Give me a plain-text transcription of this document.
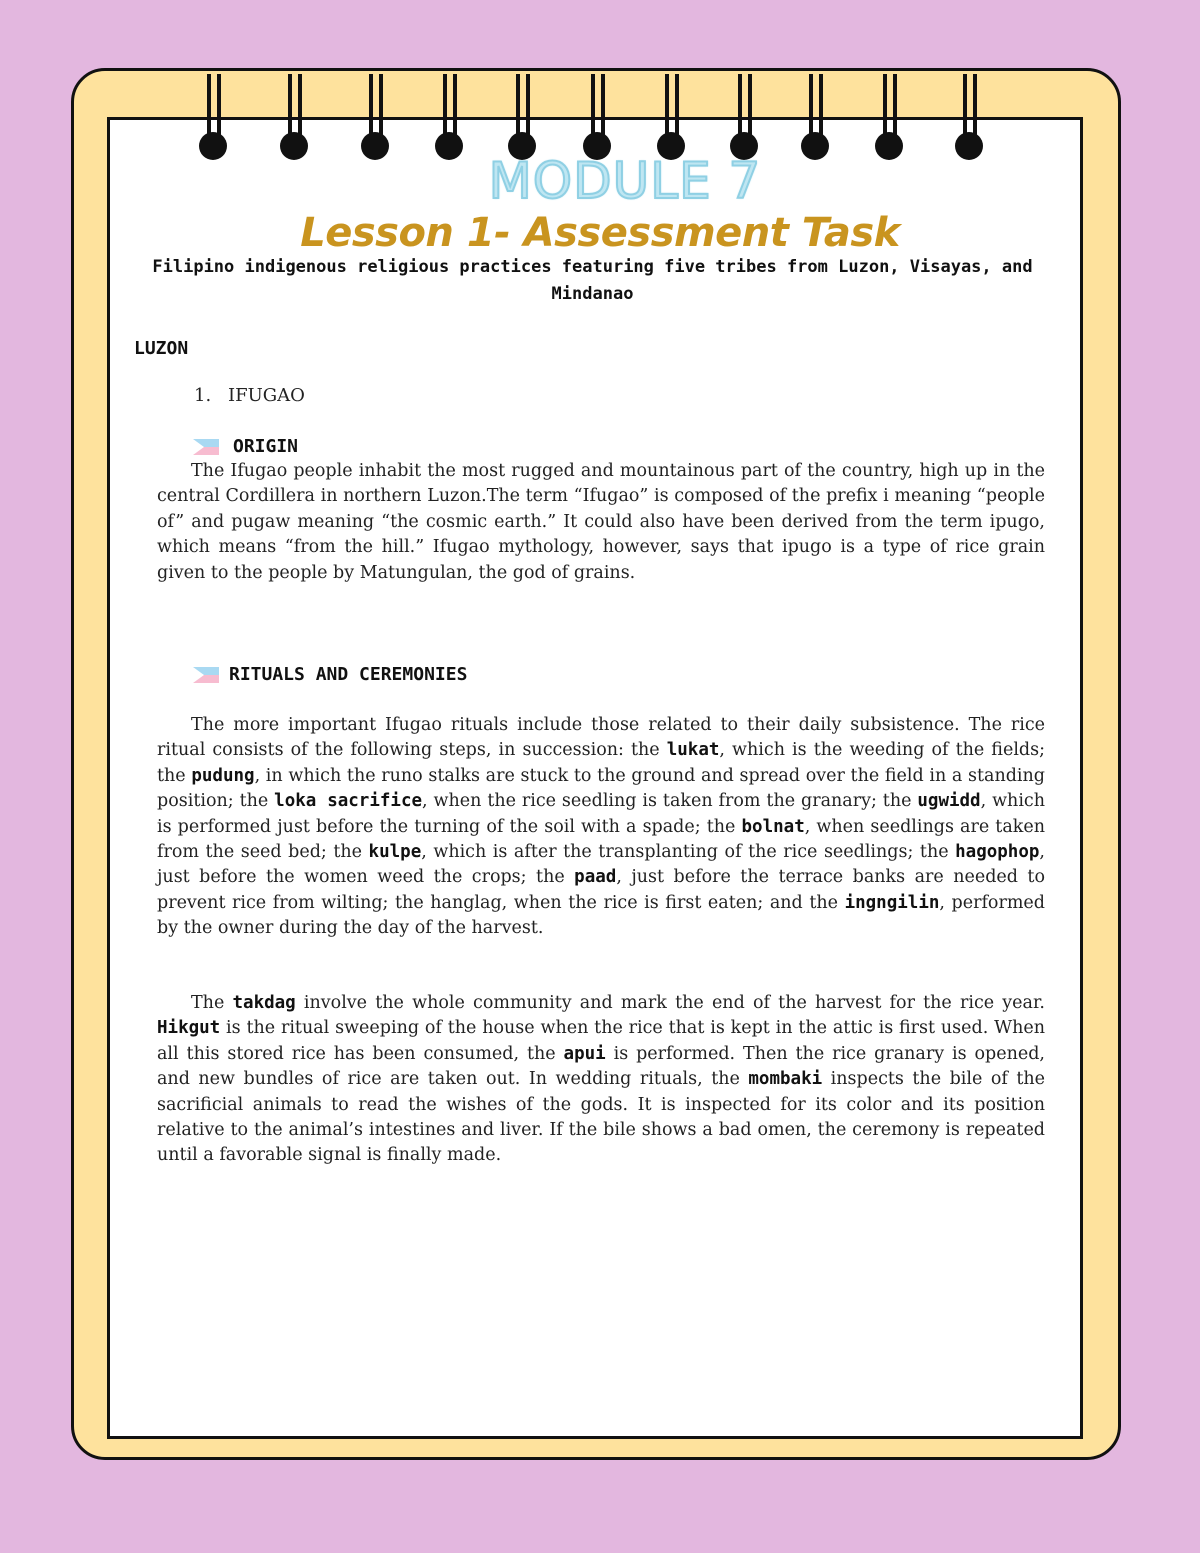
MODULE 7
Lesson 1- Assessment Task
Filipino indigenous religious practices featuring five tribes from Luzon, Visayas, and Mindanao
LUZON
1. IFUGAO
ORIGIN

The Ifugao people inhabit the most rugged and mountainous part of the country, high up in the central Cordillera in northern Luzon.The term “Ifugao” is composed of the prefix i meaning “people of” and pugaw meaning “the cosmic earth.” It could also have been derived from the term ipugo, which means “from the hill.” Ifugao mythology, however, says that ipugo is a type of rice grain given to the people by Matungulan, the god of grains.

RITUALS AND CEREMONIES

The more important Ifugao rituals include those related to their daily subsistence. The rice ritual consists of the following steps, in succession: the lukat, which is the weeding of the fields; the pudung, in which the runo stalks are stuck to the ground and spread over the field in a standing position; the loka sacrifice, when the rice seedling is taken from the granary; the ugwidd, which is performed just before the turning of the soil with a spade; the bolnat, when seedlings are taken from the seed bed; the kulpe, which is after the transplanting of the rice seedlings; the hagophop, just before the women weed the crops; the paad, just before the terrace banks are needed to prevent rice from wilting; the hanglag, when the rice is first eaten; and the ingngilin, performed by the owner during the day of the harvest.

The takdag involve the whole community and mark the end of the harvest for the rice year. Hikgut is the ritual sweeping of the house when the rice that is kept in the attic is first used. When all this stored rice has been consumed, the apui is performed. Then the rice granary is opened, and new bundles of rice are taken out. In wedding rituals, the mombaki inspects the bile of the sacrificial animals to read the wishes of the gods. It is inspected for its color and its position relative to the animal’s intestines and liver. If the bile shows a bad omen, the ceremony is repeated until a favorable signal is finally made.
